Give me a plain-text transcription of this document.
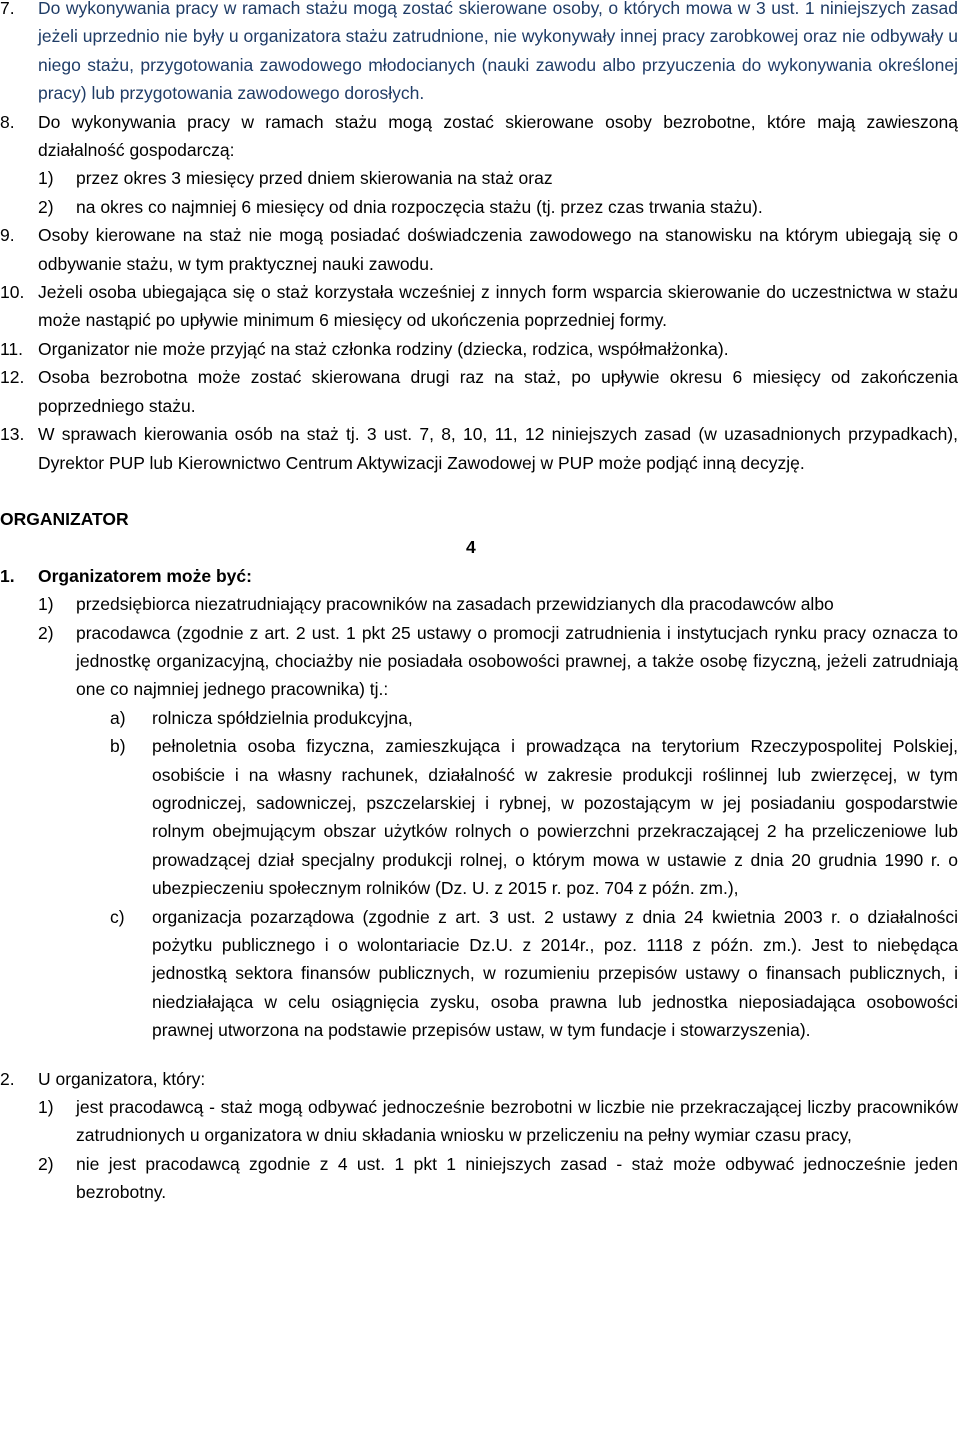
7. Do wykonywania pracy w ramach stażu mogą zostać skierowane osoby, o których mowa w 3 ust. 1 niniejszych zasad jeżeli uprzednio nie były u organizatora stażu zatrudnione, nie wykonywały innej pracy zarobkowej oraz nie odbywały u niego stażu, przygotowania zawodowego młodocianych (nauki zawodu albo przyuczenia do wykonywania określonej pracy) lub przygotowania zawodowego dorosłych.
8. Do wykonywania pracy w ramach stażu mogą zostać skierowane osoby bezrobotne, które mają zawieszoną działalność gospodarczą:
1) przez okres 3 miesięcy przed dniem skierowania na staż oraz
2) na okres co najmniej 6 miesięcy od dnia rozpoczęcia stażu (tj. przez czas trwania stażu).
9. Osoby kierowane na staż nie mogą posiadać doświadczenia zawodowego na stanowisku na którym ubiegają się o odbywanie stażu, w tym praktycznej nauki zawodu.
10. Jeżeli osoba ubiegająca się o staż korzystała wcześniej z innych form wsparcia skierowanie do uczestnictwa w stażu może nastąpić po upływie minimum 6 miesięcy od ukończenia poprzedniej formy.
11. Organizator nie może przyjąć na staż członka rodziny (dziecka, rodzica, współmałżonka).
12. Osoba bezrobotna może zostać skierowana drugi raz na staż, po upływie okresu 6 miesięcy od zakończenia poprzedniego stażu.
13. W sprawach kierowania osób na staż tj. 3 ust. 7, 8, 10, 11, 12 niniejszych zasad (w uzasadnionych przypadkach), Dyrektor PUP lub Kierownictwo Centrum Aktywizacji Zawodowej w PUP może podjąć inną decyzję.
ORGANIZATOR
4
1. Organizatorem może być:
1) przedsiębiorca niezatrudniający pracowników na zasadach przewidzianych dla pracodawców albo
2) pracodawca (zgodnie z art. 2 ust. 1 pkt 25 ustawy o promocji zatrudnienia i instytucjach rynku pracy oznacza to jednostkę organizacyjną, chociażby nie posiadała osobowości prawnej, a także osobę fizyczną, jeżeli zatrudniają one co najmniej jednego pracownika) tj.:
a) rolnicza spółdzielnia produkcyjna,
b) pełnoletnia osoba fizyczna, zamieszkująca i prowadząca na terytorium Rzeczypospolitej Polskiej, osobiście i na własny rachunek, działalność w zakresie produkcji roślinnej lub zwierzęcej, w tym ogrodniczej, sadowniczej, pszczelarskiej i rybnej, w pozostającym w jej posiadaniu gospodarstwie rolnym obejmującym obszar użytków rolnych o powierzchni przekraczającej 2 ha przeliczeniowe lub prowadzącej dział specjalny produkcji rolnej, o którym mowa w ustawie z dnia 20 grudnia 1990 r. o ubezpieczeniu społecznym rolników (Dz. U. z 2015 r. poz. 704 z późn. zm.),
c) organizacja pozarządowa (zgodnie z art. 3 ust. 2 ustawy z dnia 24 kwietnia 2003 r. o działalności pożytku publicznego i o wolontariacie Dz.U. z 2014r., poz. 1118 z późn. zm.). Jest to niebędąca jednostką sektora finansów publicznych, w rozumieniu przepisów ustawy o finansach publicznych, i niedziałająca w celu osiągnięcia zysku, osoba prawna lub jednostka nieposiadająca osobowości prawnej utworzona na podstawie przepisów ustaw, w tym fundacje i stowarzyszenia).
2. U organizatora, który:
1) jest pracodawcą - staż mogą odbywać jednocześnie bezrobotni w liczbie nie przekraczającej liczby pracowników zatrudnionych u organizatora w dniu składania wniosku w przeliczeniu na pełny wymiar czasu pracy,
2) nie jest pracodawcą zgodnie z 4 ust. 1 pkt 1 niniejszych zasad - staż może odbywać jednocześnie jeden bezrobotny.
